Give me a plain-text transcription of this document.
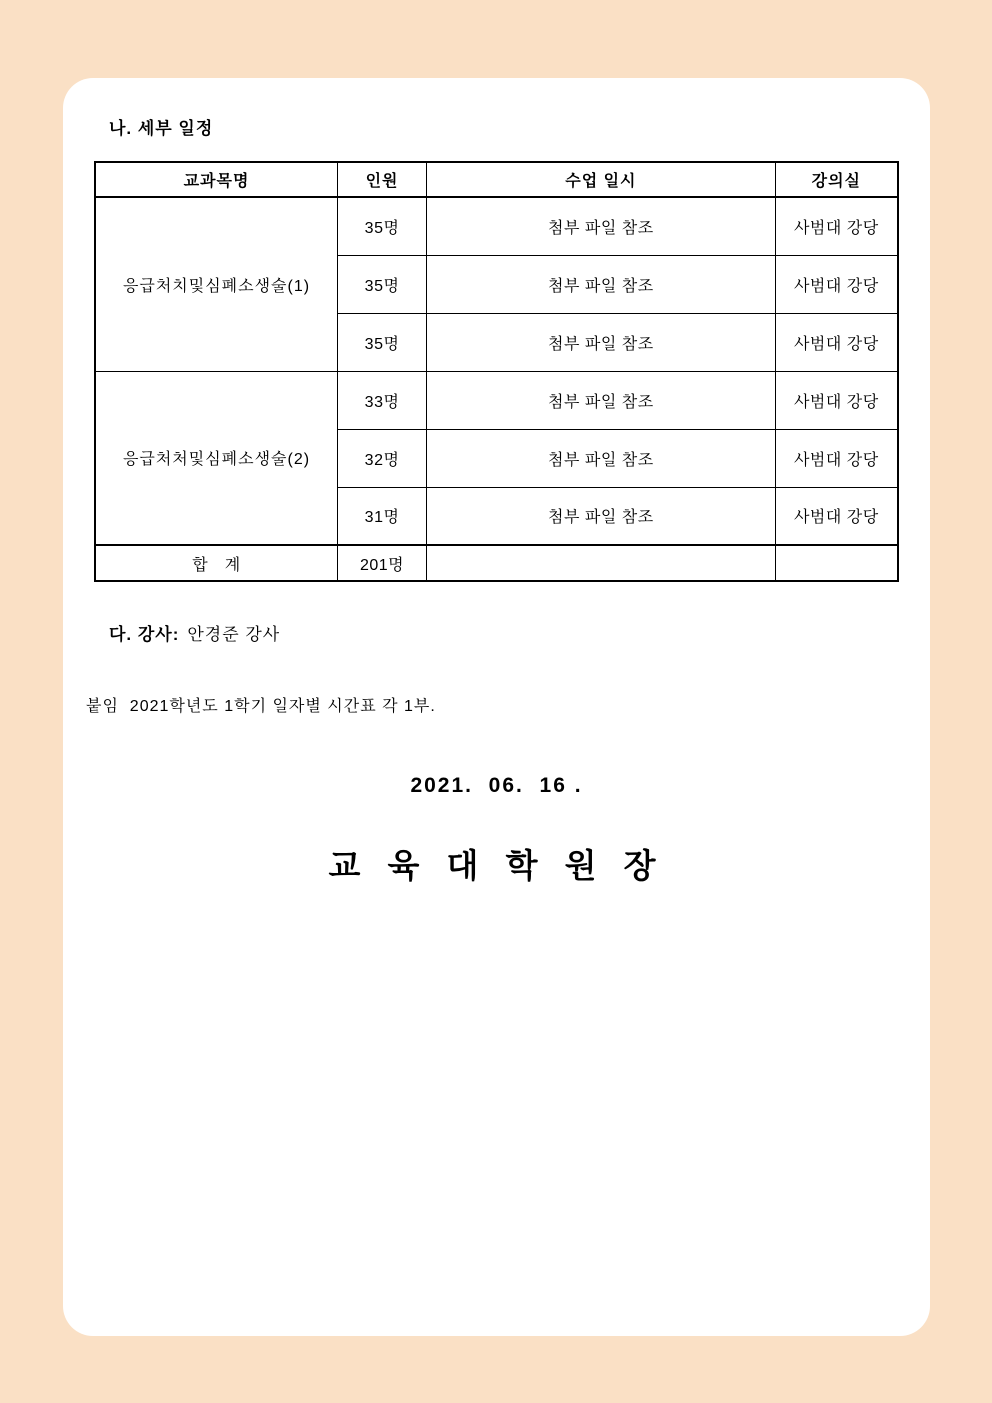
나. 세부 일정
교과목명	인원	수업 일시	강의실
응급처치및심폐소생술(1)	35명	첨부 파일 참조	사범대 강당
	35명	첨부 파일 참조	사범대 강당
	35명	첨부 파일 참조	사범대 강당
응급처처및심폐소생술(2)	33명	첨부 파일 참조	사범대 강당
	32명	첨부 파일 참조	사범대 강당
	31명	첨부 파일 참조	사범대 강당
합　계	201명		

다. 강사: 안경준 강사

붙임  2021학년도 1학기 일자별 시간표 각 1부.

2021.  06.  16 .

교 육 대 학 원 장
